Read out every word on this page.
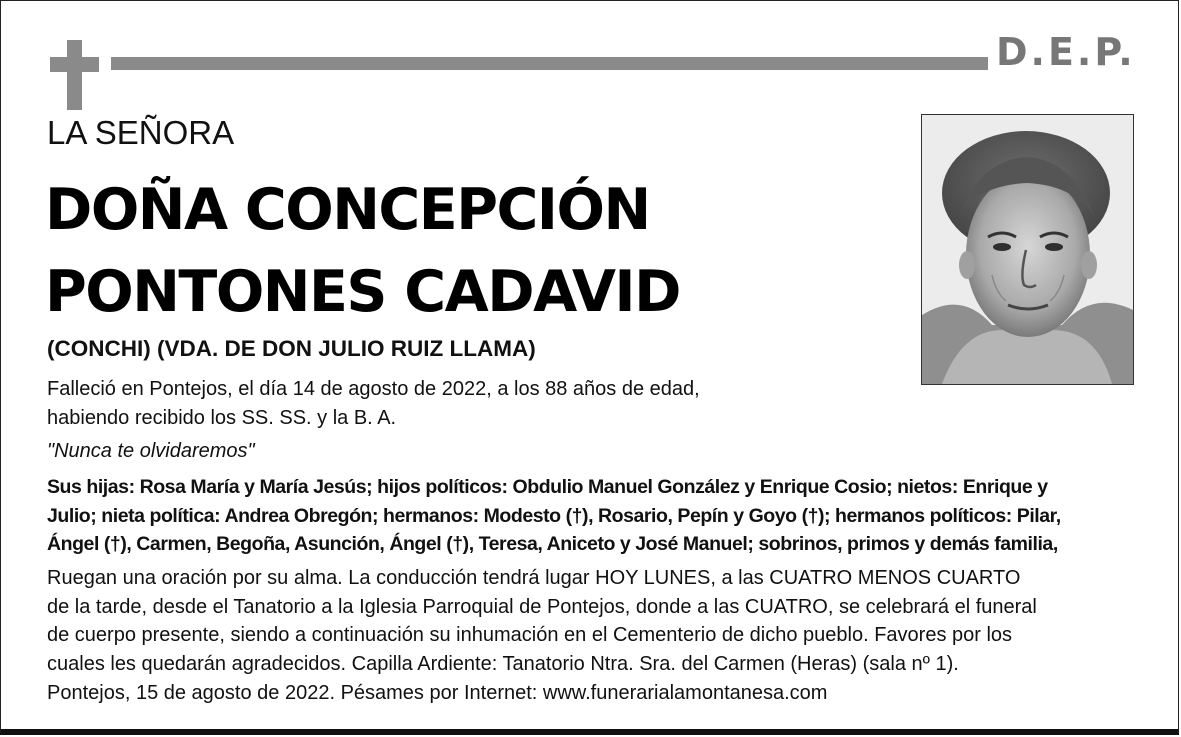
D.E.P.
LA SEÑORA
DOÑA CONCEPCIÓN
PONTONES CADAVID
(CONCHI) (VDA. DE DON JULIO RUIZ LLAMA)
Falleció en Pontejos, el día 14 de agosto de 2022, a los 88 años de edad,
habiendo recibido los SS. SS. y la B. A.
"Nunca te olvidaremos"
Sus hijas: Rosa María y María Jesús; hijos políticos: Obdulio Manuel González y Enrique Cosio; nietos: Enrique y
Julio; nieta política: Andrea Obregón; hermanos: Modesto (†), Rosario, Pepín y Goyo (†); hermanos políticos: Pilar,
Ángel (†), Carmen, Begoña, Asunción, Ángel (†), Teresa, Aniceto y José Manuel; sobrinos, primos y demás familia,
Ruegan una oración por su alma. La conducción tendrá lugar HOY LUNES, a las CUATRO MENOS CUARTO
de la tarde, desde el Tanatorio a la Iglesia Parroquial de Pontejos, donde a las CUATRO, se celebrará el funeral
de cuerpo presente, siendo a continuación su inhumación en el Cementerio de dicho pueblo. Favores por los
cuales les quedarán agradecidos. Capilla Ardiente: Tanatorio Ntra. Sra. del Carmen (Heras) (sala nº 1).
Pontejos, 15 de agosto de 2022. Pésames por Internet: www.funerarialamontanesa.com
